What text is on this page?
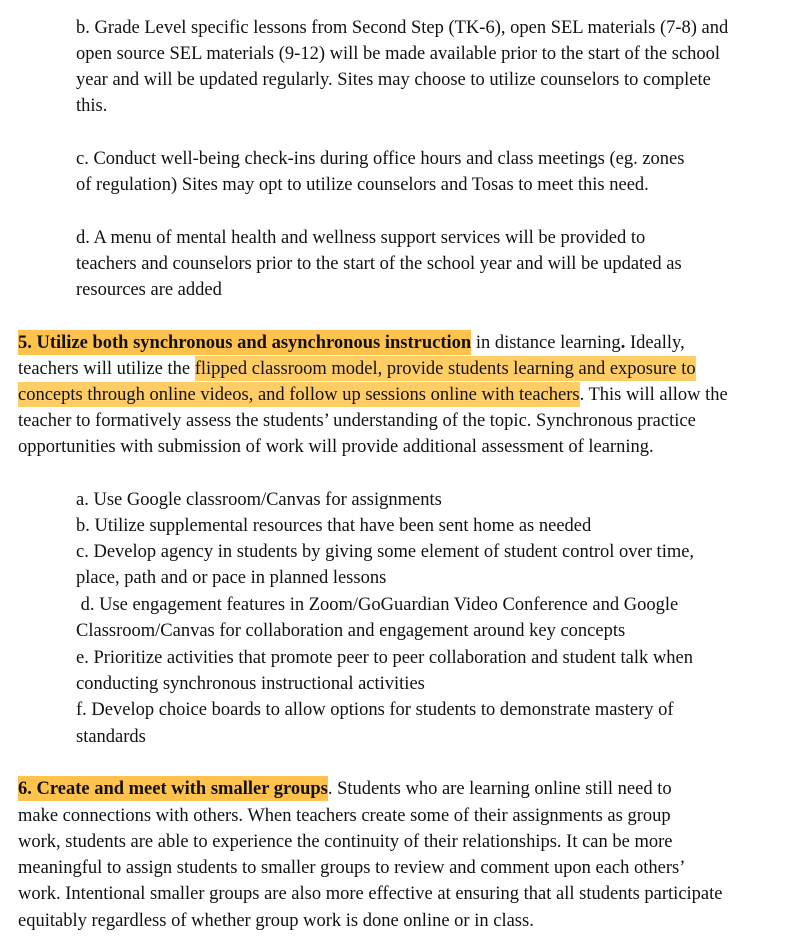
b. Grade Level specific lessons from Second Step (TK-6), open SEL materials (7-8) and
open source SEL materials (9-12) will be made available prior to the start of the school
year and will be updated regularly. Sites may choose to utilize counselors to complete
this.
c. Conduct well-being check-ins during office hours and class meetings (eg. zones
of regulation) Sites may opt to utilize counselors and Tosas to meet this need.
d. A menu of mental health and wellness support services will be provided to
teachers and counselors prior to the start of the school year and will be updated as
resources are added
5. Utilize both synchronous and asynchronous instruction in distance learning. Ideally,
teachers will utilize the flipped classroom model, provide students learning and exposure to
concepts through online videos, and follow up sessions online with teachers. This will allow the
teacher to formatively assess the students’ understanding of the topic. Synchronous practice
opportunities with submission of work will provide additional assessment of learning.
a. Use Google classroom/Canvas for assignments
b. Utilize supplemental resources that have been sent home as needed
c. Develop agency in students by giving some element of student control over time,
place, path and or pace in planned lessons
d. Use engagement features in Zoom/GoGuardian Video Conference and Google
Classroom/Canvas for collaboration and engagement around key concepts
e. Prioritize activities that promote peer to peer collaboration and student talk when
conducting synchronous instructional activities
f. Develop choice boards to allow options for students to demonstrate mastery of
standards
6. Create and meet with smaller groups. Students who are learning online still need to
make connections with others. When teachers create some of their assignments as group
work, students are able to experience the continuity of their relationships. It can be more
meaningful to assign students to smaller groups to review and comment upon each others’
work. Intentional smaller groups are also more effective at ensuring that all students participate
equitably regardless of whether group work is done online or in class.
